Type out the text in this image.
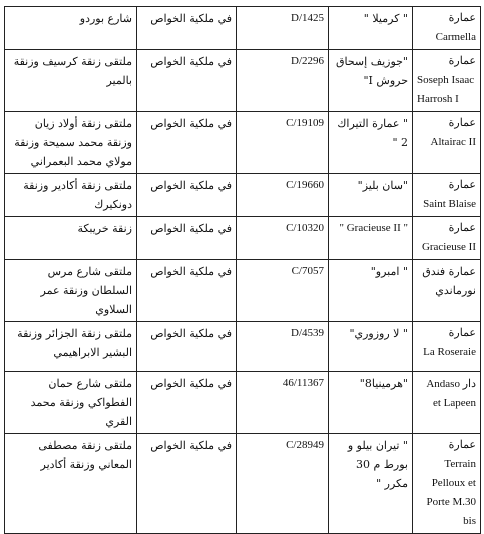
شارع بوردو	في ملكية الخواص	D/1425	" كرميلا "	عمارة
Carmella

ملتقى زنقة كرسيف وزنقة بالمير	في ملكية الخواص	D/2296	"جوزيف إسحاق حروش I"	عمارة
Soseph Isaac Harrosh I

ملتقى زنقة أولاد زيان وزنقة محمد سميحة وزنقة مولاي محمد البعمراني	في ملكية الخواص	C/19109	" عمارة التيراك 2 "	عمارة
Altairac II

ملتقى زنقة أكادير وزنقة دونكيرك	في ملكية الخواص	C/19660	"سان بليز"	عمارة
Saint Blaise

زنقة خريبكة	في ملكية الخواص	C/10320	" Gracieuse II "	عمارة
Gracieuse II

ملتقى شارع مرس السلطان وزنقة عمر السلاوي	في ملكية الخواص	C/7057	" امبرو"	عمارة فندق
نورماندي

ملتقى زنقة الجزائر وزنقة البشير الابراهيمي	في ملكية الخواص	D/4539	" لا روزوري"	عمارة
La Roseraie

ملتقى شارع حمان الفطواكي وزنقة محمد القري	في ملكية الخواص	46/11367	"هرمينيا8"	دار Andaso et Lapeen
ملتقى زنقة مصطفى المعاني وزنقة أكادير	في ملكية الخواص	C/28949	" تيران بيلو و بورط م 30 مكرر "	عمارة Terrain Pelloux et Porte M.30 bis
